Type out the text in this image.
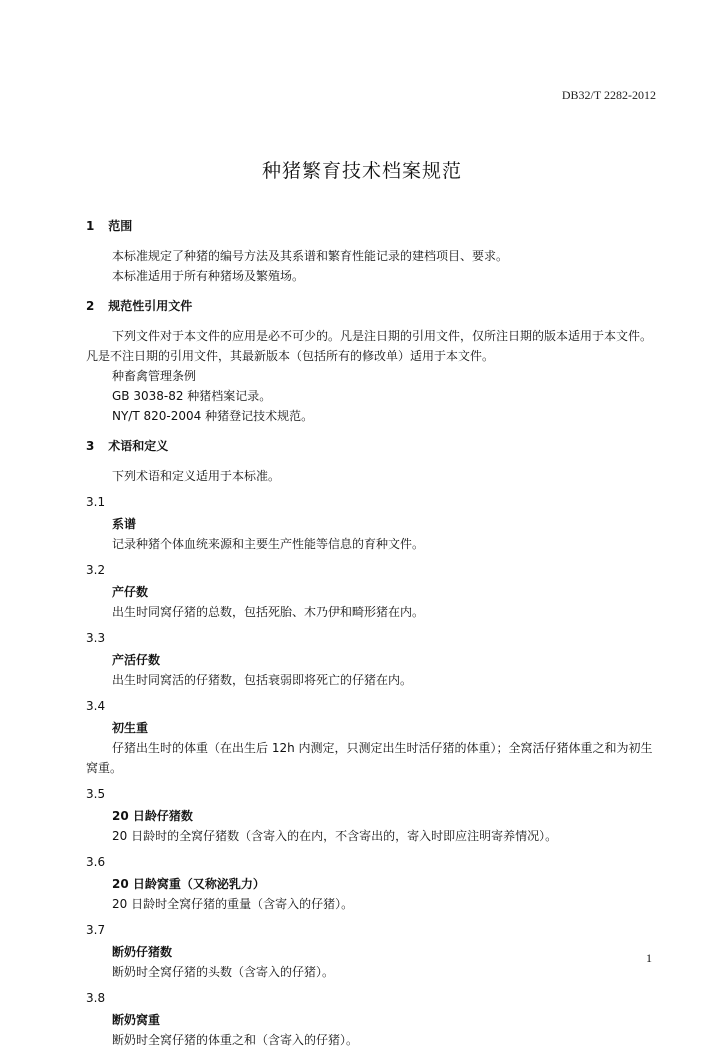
DB32/T 2282-2012
种猪繁育技术档案规范
1 范围
本标准规定了种猪的编号方法及其系谱和繁育性能记录的建档项目、要求。
本标准适用于所有种猪场及繁殖场。
2 规范性引用文件
下列文件对于本文件的应用是必不可少的。凡是注日期的引用文件，仅所注日期的版本适用于本文件。凡是不注日期的引用文件，其最新版本（包括所有的修改单）适用于本文件。
种畜禽管理条例
GB 3038-82 种猪档案记录。
NY/T 820-2004 种猪登记技术规范。
3 术语和定义
下列术语和定义适用于本标准。
3.1
系谱
记录种猪个体血统来源和主要生产性能等信息的育种文件。
3.2
产仔数
出生时同窝仔猪的总数，包括死胎、木乃伊和畸形猪在内。
3.3
产活仔数
出生时同窝活的仔猪数，包括衰弱即将死亡的仔猪在内。
3.4
初生重
仔猪出生时的体重（在出生后 12h 内测定，只测定出生时活仔猪的体重）；全窝活仔猪体重之和为初生窝重。
3.5
20 日龄仔猪数
20 日龄时的全窝仔猪数（含寄入的在内，不含寄出的，寄入时即应注明寄养情况）。
3.6
20 日龄窝重（又称泌乳力）
20 日龄时全窝仔猪的重量（含寄入的仔猪）。
3.7
断奶仔猪数
断奶时全窝仔猪的头数（含寄入的仔猪）。
3.8
断奶窝重
断奶时全窝仔猪的体重之和（含寄入的仔猪）。
1
